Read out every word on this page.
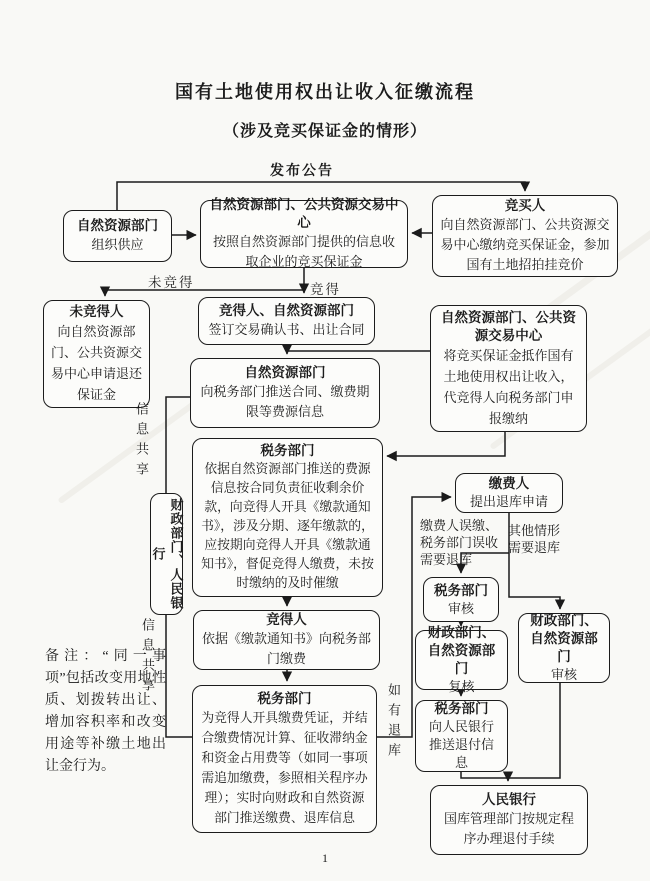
国有土地使用权出让收入征缴流程
（涉及竞买保证金的情形）
自然资源部门
组织供应
自然资源部门、公共资源交易中心
按照自然资源部门提供的信息收取企业的竞买保证金
竞买人
向自然资源部门、公共资源交易中心缴纳竞买保证金，参加国有土地招拍挂竞价
未竞得人
向自然资源部门、公共资源交易中心申请退还保证金
竞得人、自然资源部门
签订交易确认书、出让合同
自然资源部门、公共资源交易中心
将竞买保证金抵作国有土地使用权出让收入，代竞得人向税务部门申报缴纳
自然资源部门
向税务部门推送合同、缴费期限等费源信息
税务部门
依据自然资源部门推送的费源信息按合同负责征收剩余价款，向竞得人开具《缴款通知书》，涉及分期、逐年缴款的，应按期向竞得人开具《缴款通知书》，督促竞得人缴费，未按时缴纳的及时催缴
竞得人
依据《缴款通知书》向税务部门缴费
税务部门
为竞得人开具缴费凭证，并结合缴费情况计算、征收滞纳金和资金占用费等（如同一事项需追加缴费，参照相关程序办理）；实时向财政和自然资源部门推送缴费、退库信息
缴费人
提出退库申请
税务部门
审核
财政部门、自然资源部门
审核
财政部门、自然资源部门
复核
税务部门
向人民银行推送退付信息
人民银行
国库管理部门按规定程序办理退付手续
财政部门、人民银行
发布公告
未竞得	竞得
信息共享
信息共享
缴费人误缴、税务部门误收需要退库
其他情形需要退库
如有退库
备注：“同一事项”包括改变用地性质、划拨转出让、增加容积率和改变用途等补缴土地出让金行为。
1
